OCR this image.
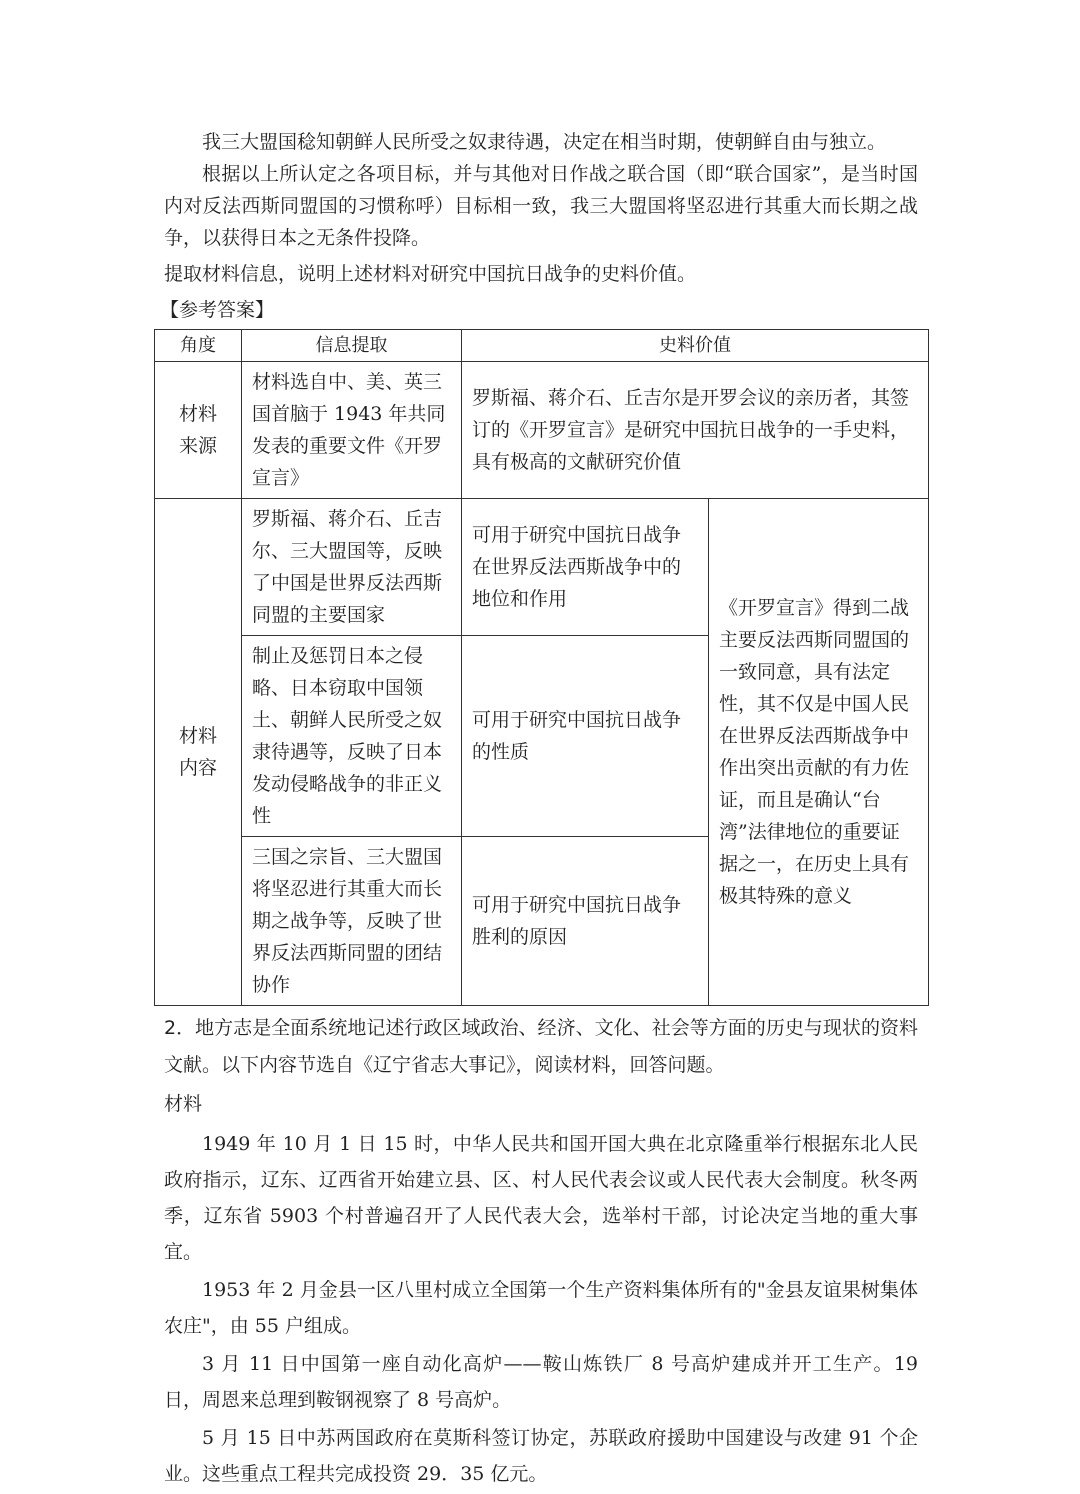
我三大盟国稔知朝鲜人民所受之奴隶待遇，决定在相当时期，使朝鲜自由与独立。

根据以上所认定之各项目标，并与其他对日作战之联合国（即“联合国家”，是当时国内对反法西斯同盟国的习惯称呼）目标相一致，我三大盟国将坚忍进行其重大而长期之战争，以获得日本之无条件投降。

提取材料信息，说明上述材料对研究中国抗日战争的史料价值。

【参考答案】

角度	信息提取	史料价值	
材料来源	材料选自中、美、英三国首脑于 1943 年共同发表的重要文件《开罗宣言》	罗斯福、蒋介石、丘吉尔是开罗会议的亲历者，其签订的《开罗宣言》是研究中国抗日战争的一手史料，具有极高的文献研究价值	
材料内容	罗斯福、蒋介石、丘吉尔、三大盟国等，反映了中国是世界反法西斯同盟的主要国家	可用于研究中国抗日战争在世界反法西斯战争中的地位和作用	《开罗宣言》得到二战主要反法西斯同盟国的一致同意，具有法定性，其不仅是中国人民在世界反法西斯战争中作出突出贡献的有力佐证，而且是确认“台湾”法律地位的重要证据之一，在历史上具有极其特殊的意义
	制止及惩罚日本之侵略、日本窃取中国领土、朝鲜人民所受之奴隶待遇等，反映了日本发动侵略战争的非正义性	可用于研究中国抗日战争的性质	
	三国之宗旨、三大盟国将坚忍进行其重大而长期之战争等，反映了世界反法西斯同盟的团结协作	可用于研究中国抗日战争胜利的原因	

2．地方志是全面系统地记述行政区域政治、经济、文化、社会等方面的历史与现状的资料文献。以下内容节选自《辽宁省志大事记》，阅读材料，回答问题。

材料

1949 年 10 月 1 日 15 时，中华人民共和国开国大典在北京隆重举行根据东北人民政府指示，辽东、辽西省开始建立县、区、村人民代表会议或人民代表大会制度。秋冬两季，辽东省 5903 个村普遍召开了人民代表大会，选举村干部，讨论决定当地的重大事宜。

1953 年 2 月金县一区八里村成立全国第一个生产资料集体所有的"金县友谊果树集体农庄"，由 55 户组成。

3 月 11 日中国第一座自动化高炉——鞍山炼铁厂 8 号高炉建成并开工生产。19 日，周恩来总理到鞍钢视察了 8 号高炉。

5 月 15 日中苏两国政府在莫斯科签订协定，苏联政府援助中国建设与改建 91 个企业。这些重点工程共完成投资 29．35 亿元。
